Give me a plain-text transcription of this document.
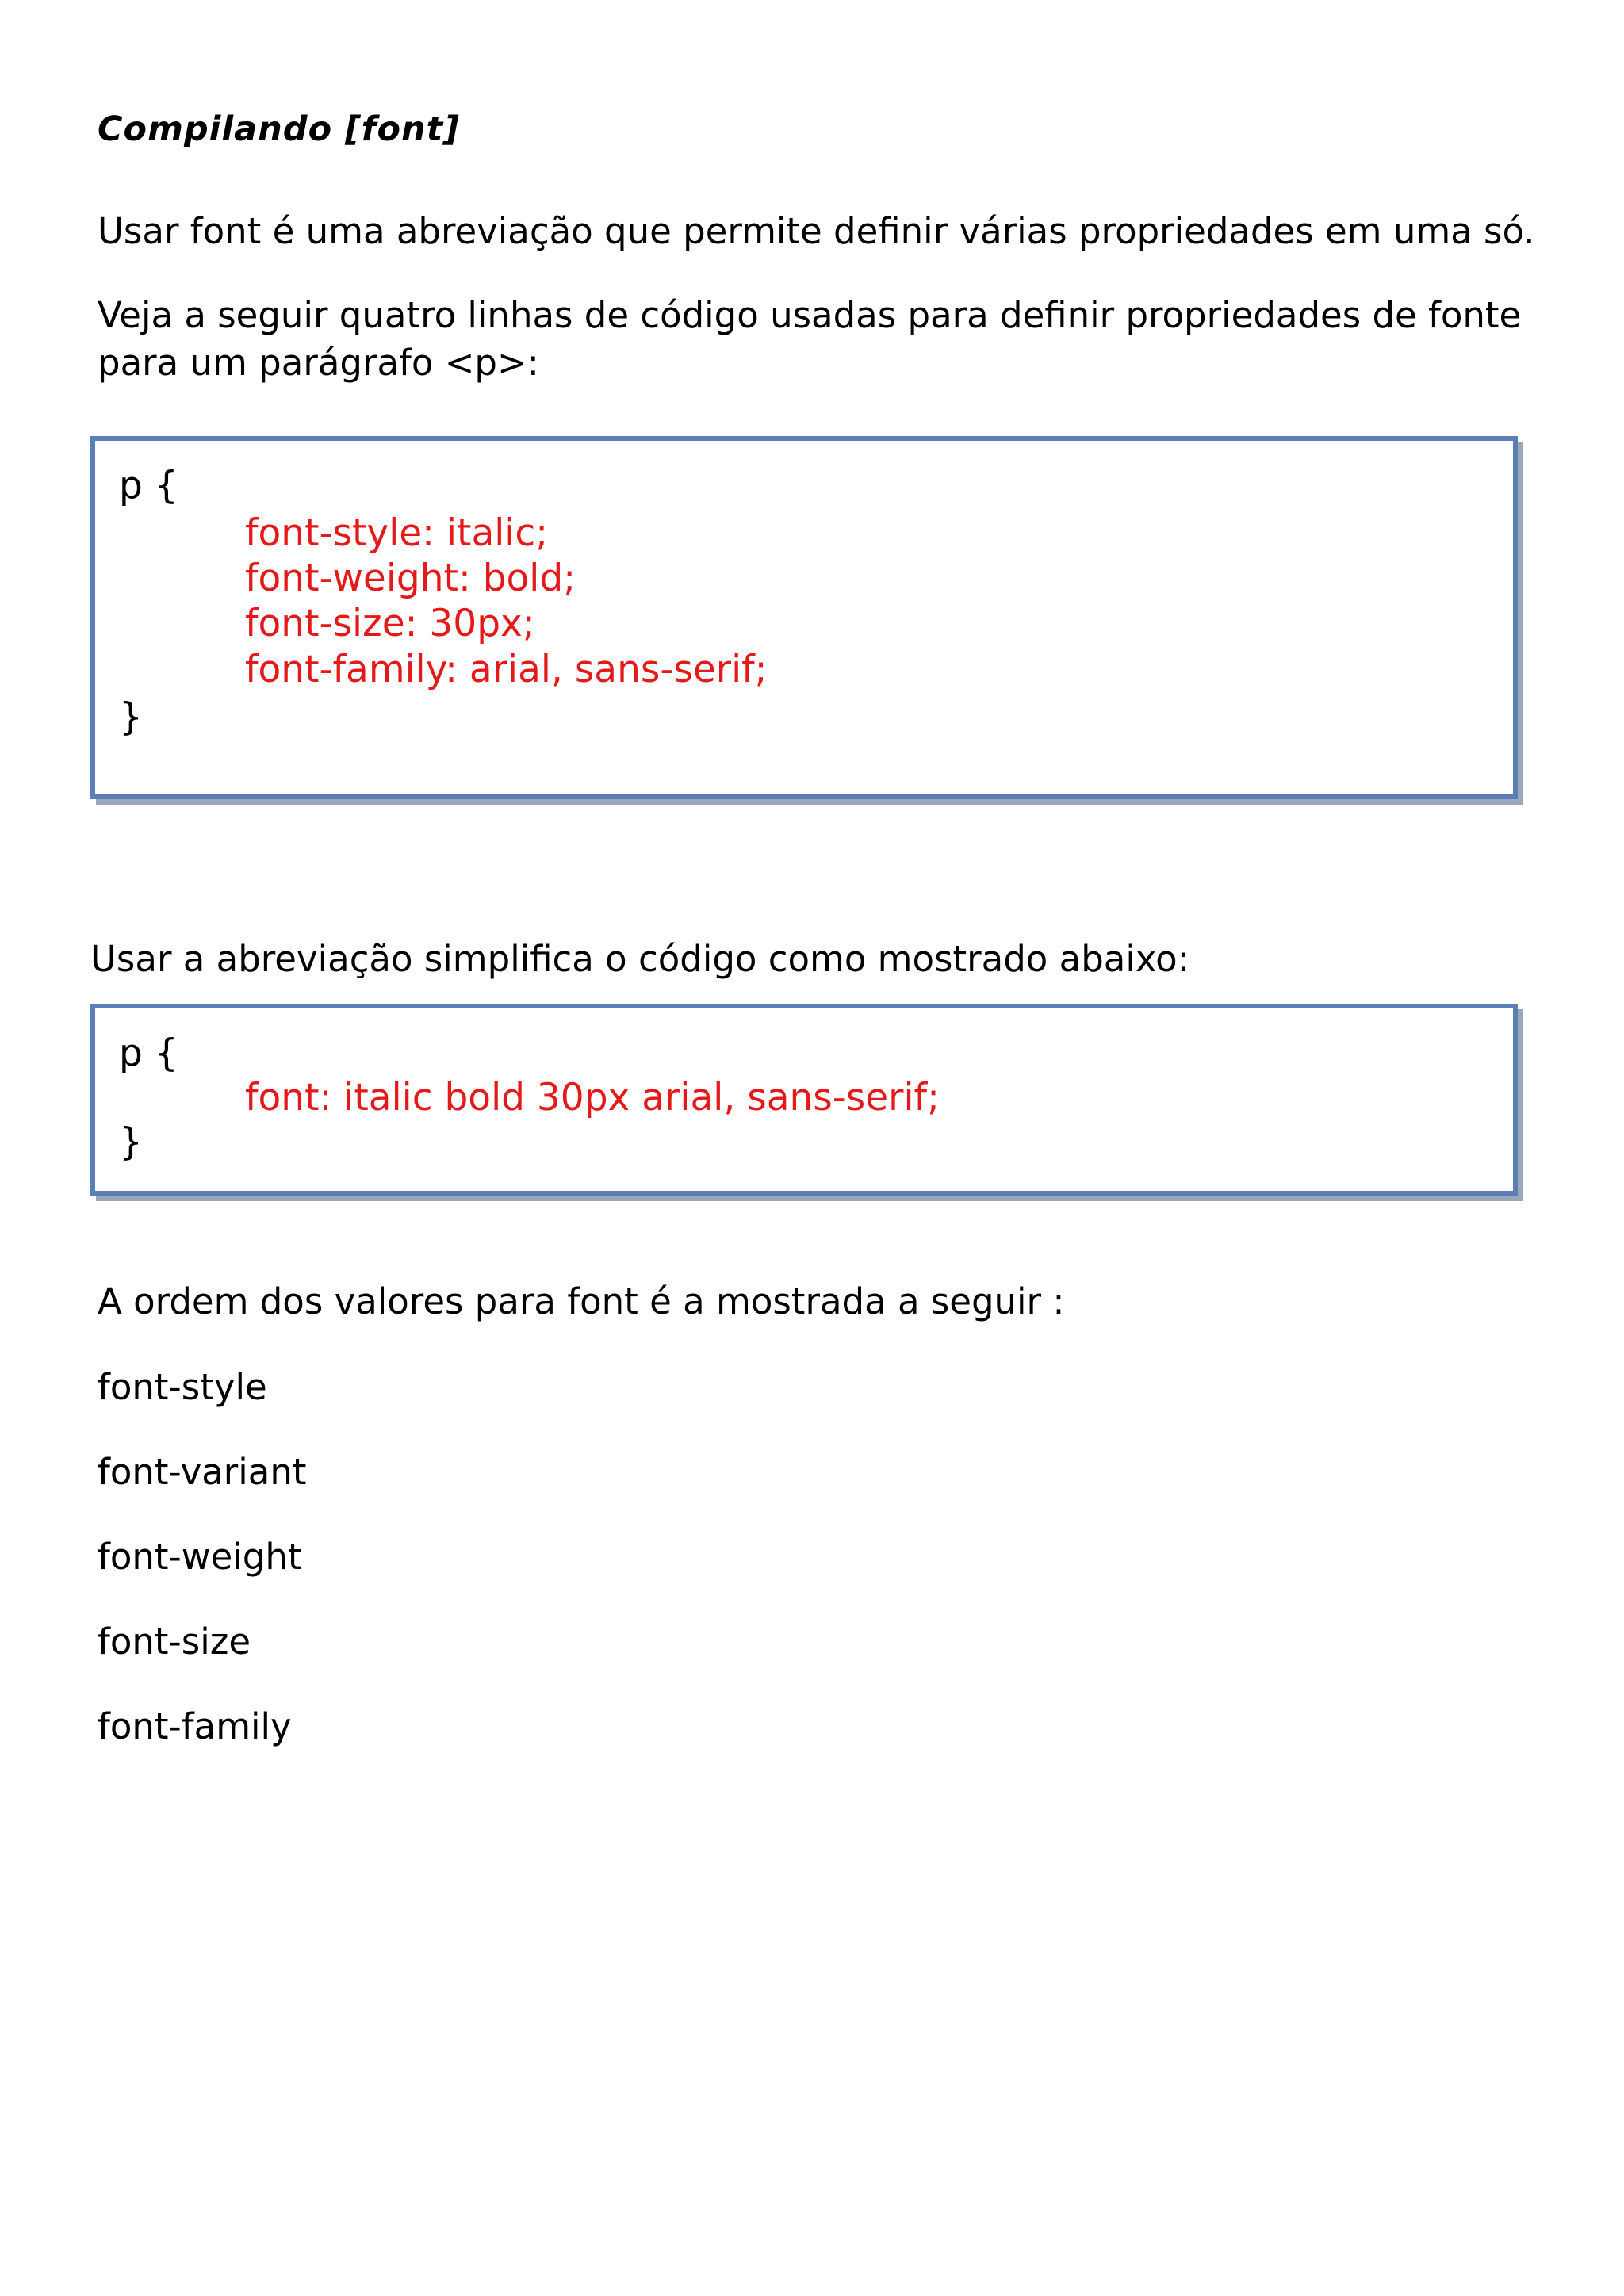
Compilando [font]
Usar font é uma abreviação que permite definir várias propriedades em uma só.
Veja a seguir quatro linhas de código usadas para definir propriedades de fonte para um parágrafo <p>:
p {
font-style: italic;
font-weight: bold;
font-size: 30px;
font-family: arial, sans-serif;
}
Usar a abreviação simplifica o código como mostrado abaixo:
p {
font: italic bold 30px arial, sans-serif;
}
A ordem dos valores para font é a mostrada a seguir :
font-style
font-variant
font-weight
font-size
font-family
